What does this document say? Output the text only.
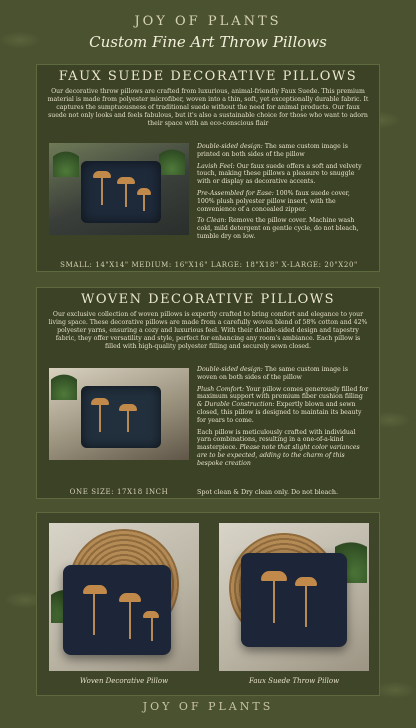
JOY OF PLANTS
Custom Fine Art Throw Pillows
FAUX SUEDE DECORATIVE PILLOWS
Our decorative throw pillows are crafted from luxurious, animal-friendly Faux Suede. This premium material is made from polyester microfiber, woven into a thin, soft, yet exceptionally durable fabric. It captures the sumptuousness of traditional suede without the need for animal products. Our faux suede not only looks and feels fabulous, but it's also a sustainable choice for those who want to adorn their space with an eco-conscious flair

Double-sided design: The same custom image is printed on both sides of the pillow

Lavish Feel: Our faux suede offers a soft and velvety touch, making these pillows a pleasure to snuggle with or display as decorative accents.

Pre-Assembled for Ease: 100% faux suede cover, 100% plush polyester pillow insert, with the convenience of a concealed zipper.

To Clean: Remove the pillow cover. Machine wash cold, mild detergent on gentle cycle, do not bleach, tumble dry on low.

SMALL: 14"X14" MEDIUM: 16"X16" LARGE: 18"X18" X-LARGE: 20"X20"
WOVEN DECORATIVE PILLOWS
Our exclusive collection of woven pillows is expertly crafted to bring comfort and elegance to your living space. These decorative pillows are made from a carefully woven blend of 58% cotton and 42% polyester yarns, ensuring a cozy and luxurious feel. With their double-sided design and tapestry fabric, they offer versatility and style, perfect for enhancing any room's ambiance. Each pillow is filled with high-quality polyester filling and securely sewn closed.

Double-sided design: The same custom image is woven on both sides of the pillow

Plush Comfort: Your pillow comes generously filled for maximum support with premium fiber cushion filling & Durable Construction: Expertly blown and sewn closed, this pillow is designed to maintain its beauty for years to come.

Each pillow is meticulously crafted with individual yarn combinations, resulting in a one-of-a-kind masterpiece. Please note that slight color variances are to be expected, adding to the charm of this bespoke creation

ONE SIZE: 17X18 INCH	Spot clean & Dry clean only. Do not bleach.
Woven Decorative Pillow	Faux Suede Throw Pillow
JOY OF PLANTS
